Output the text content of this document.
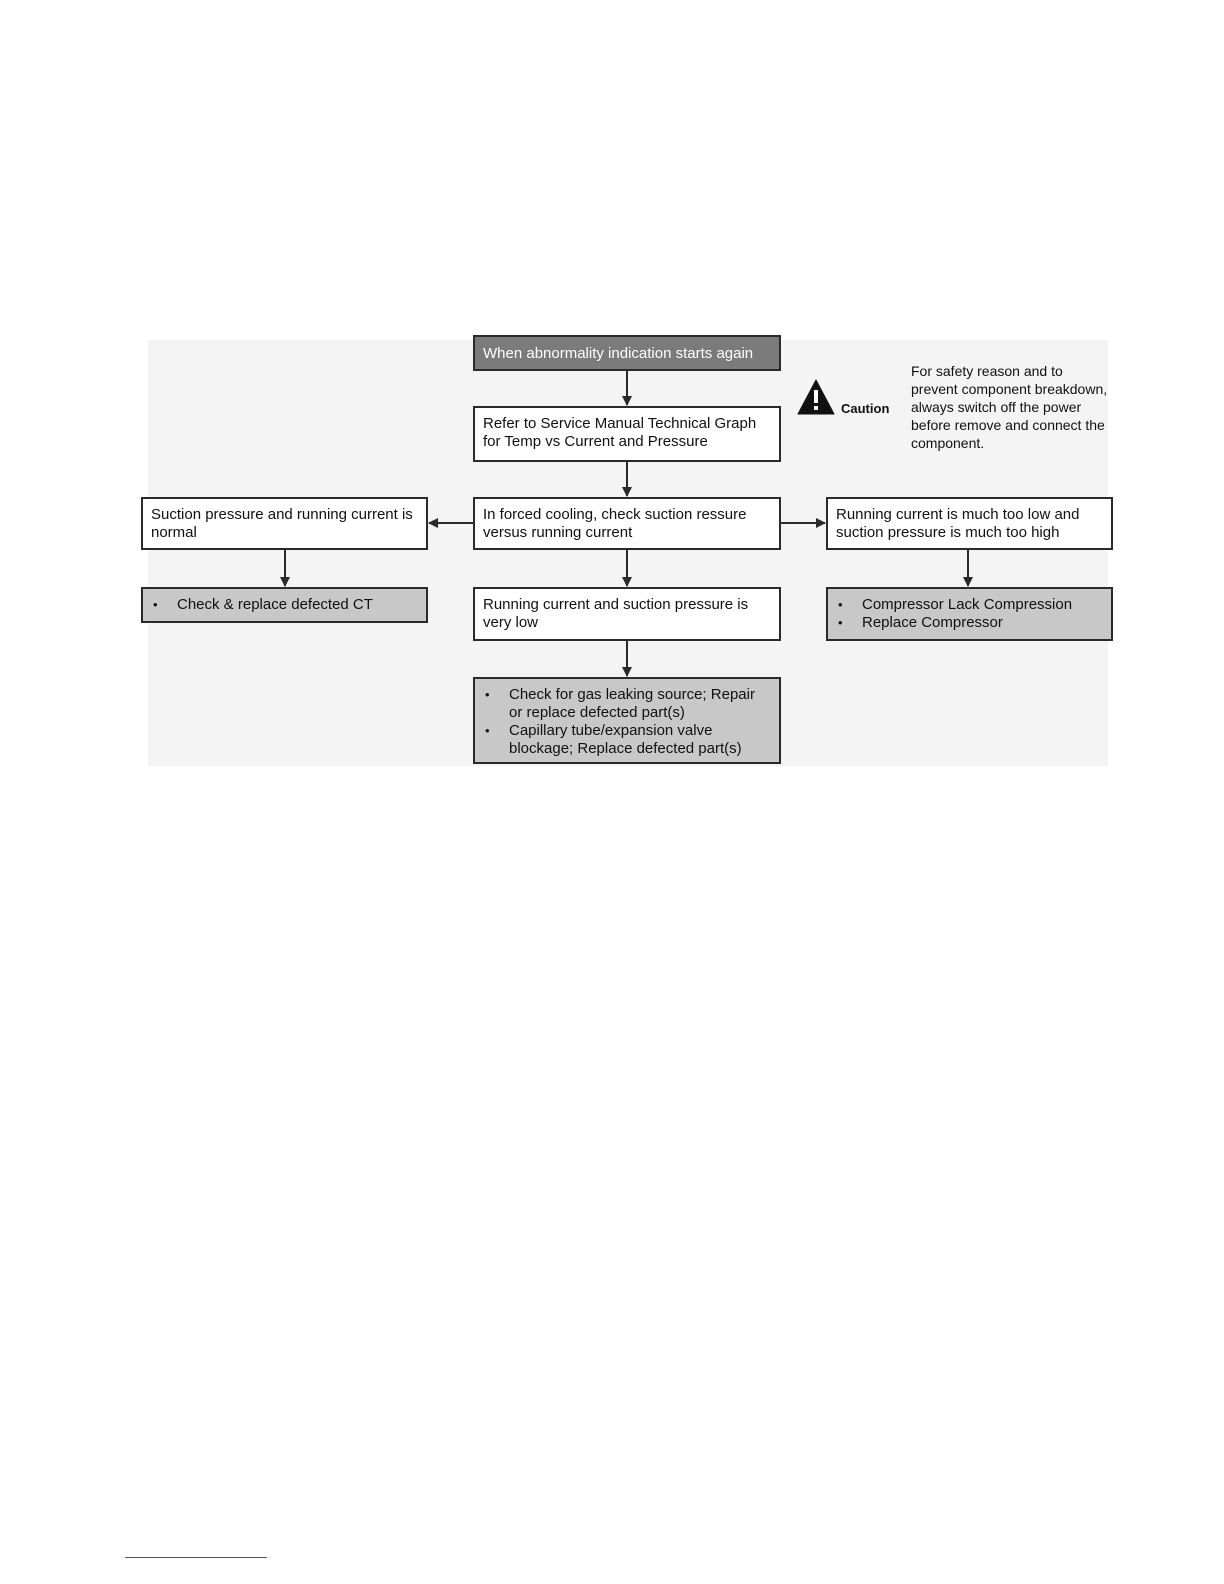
When abnormality indication starts again
Refer to Service Manual Technical Graph for Temp vs Current and Pressure
In forced cooling, check suction ressure versus running current
Suction pressure and running current is normal
Running current is much too low and suction pressure is much too high
• Check & replace defected CT	Running current and suction pressure is very low
• Compressor Lack Compression
• Replace Compressor
• Check for gas leaking source; Repair or replace defected part(s)
• Capillary tube/expansion valve blockage; Replace defected part(s)
Caution
For safety reason and to prevent component breakdown, always switch off the power before remove and connect the component.
